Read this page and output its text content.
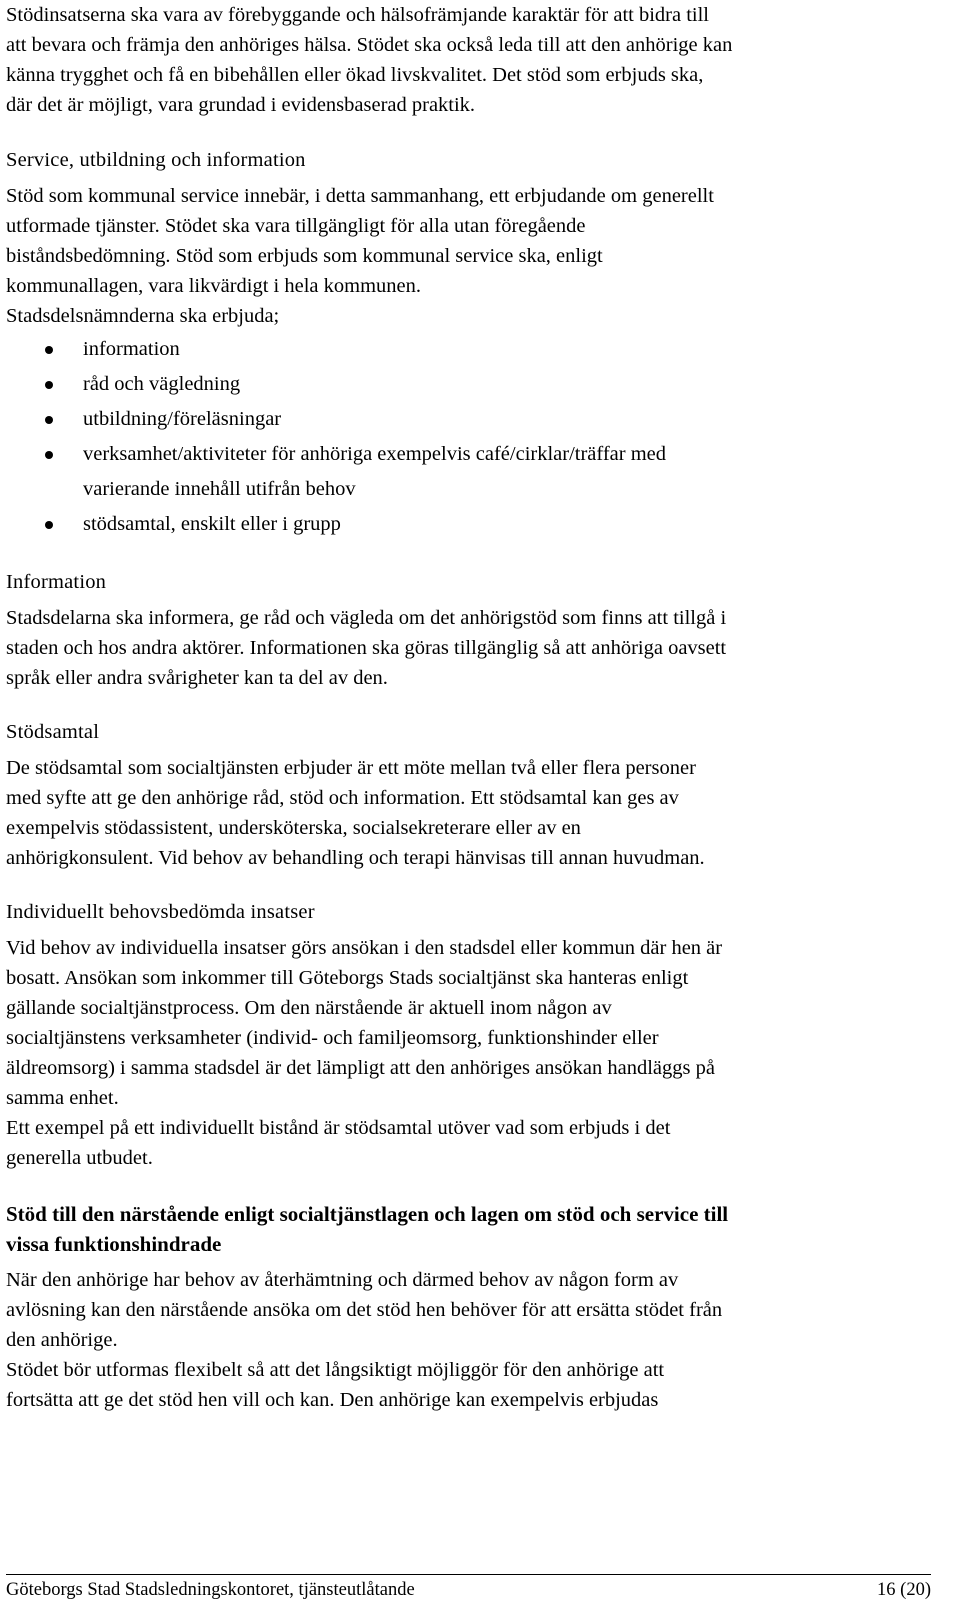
Stödinsatserna ska vara av förebyggande och hälsofrämjande karaktär för att bidra till

att bevara och främja den anhöriges hälsa. Stödet ska också leda till att den anhörige kan

känna trygghet och få en bibehållen eller ökad livskvalitet. Det stöd som erbjuds ska,

där det är möjligt, vara grundad i evidensbaserad praktik.

Service, utbildning och information

Stöd som kommunal service innebär, i detta sammanhang, ett erbjudande om generellt

utformade tjänster. Stödet ska vara tillgängligt för alla utan föregående

biståndsbedömning. Stöd som erbjuds som kommunal service ska, enligt

kommunallagen, vara likvärdigt i hela kommunen.

Stadsdelsnämnderna ska erbjuda;

information
råd och vägledning
utbildning/föreläsningar
verksamhet/aktiviteter för anhöriga exempelvis café/cirklar/träffar med
varierande innehåll utifrån behov
stödsamtal, enskilt eller i grupp

Information

Stadsdelarna ska informera, ge råd och vägleda om det anhörigstöd som finns att tillgå i

staden och hos andra aktörer. Informationen ska göras tillgänglig så att anhöriga oavsett

språk eller andra svårigheter kan ta del av den.

Stödsamtal

De stödsamtal som socialtjänsten erbjuder är ett möte mellan två eller flera personer

med syfte att ge den anhörige råd, stöd och information. Ett stödsamtal kan ges av

exempelvis stödassistent, undersköterska, socialsekreterare eller av en

anhörigkonsulent. Vid behov av behandling och terapi hänvisas till annan huvudman.

Individuellt behovsbedömda insatser

Vid behov av individuella insatser görs ansökan i den stadsdel eller kommun där hen är

bosatt. Ansökan som inkommer till Göteborgs Stads socialtjänst ska hanteras enligt

gällande socialtjänstprocess. Om den närstående är aktuell inom någon av

socialtjänstens verksamheter (individ- och familjeomsorg, funktionshinder eller

äldreomsorg) i samma stadsdel är det lämpligt att den anhöriges ansökan handläggs på

samma enhet.

Ett exempel på ett individuellt bistånd är stödsamtal utöver vad som erbjuds i det

generella utbudet.

Stöd till den närstående enligt socialtjänstlagen och lagen om stöd och service till

vissa funktionshindrade

När den anhörige har behov av återhämtning och därmed behov av någon form av

avlösning kan den närstående ansöka om det stöd hen behöver för att ersätta stödet från

den anhörige.

Stödet bör utformas flexibelt så att det långsiktigt möjliggör för den anhörige att

fortsätta att ge det stöd hen vill och kan. Den anhörige kan exempelvis erbjudas

Göteborgs Stad Stadsledningskontoret, tjänsteutlåtande	16 (20)
